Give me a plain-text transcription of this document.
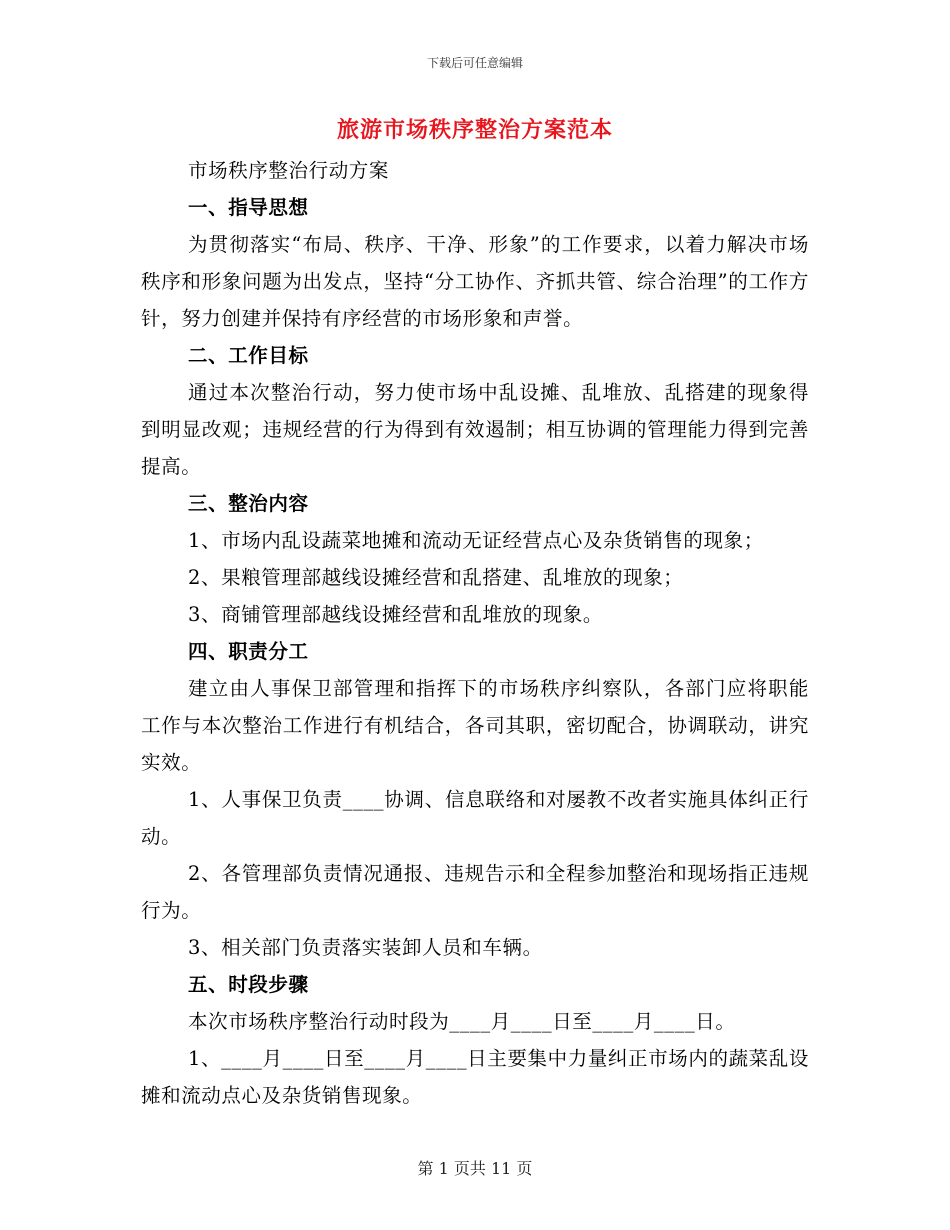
下载后可任意编辑
旅游市场秩序整治方案范本

市场秩序整治行动方案

一、指导思想

为贯彻落实“布局、秩序、干净、形象”的工作要求，以着力解决市场秩序和形象问题为出发点，坚持“分工协作、齐抓共管、综合治理”的工作方针，努力创建并保持有序经营的市场形象和声誉。

二、工作目标

通过本次整治行动，努力使市场中乱设摊、乱堆放、乱搭建的现象得到明显改观；违规经营的行为得到有效遏制；相互协调的管理能力得到完善提高。

三、整治内容

1、市场内乱设蔬菜地摊和流动无证经营点心及杂货销售的现象；

2、果粮管理部越线设摊经营和乱搭建、乱堆放的现象；

3、商铺管理部越线设摊经营和乱堆放的现象。

四、职责分工

建立由人事保卫部管理和指挥下的市场秩序纠察队，各部门应将职能工作与本次整治工作进行有机结合，各司其职，密切配合，协调联动，讲究实效。

1、人事保卫负责____协调、信息联络和对屡教不改者实施具体纠正行动。

2、各管理部负责情况通报、违规告示和全程参加整治和现场指正违规行为。

3、相关部门负责落实装卸人员和车辆。

五、时段步骤

本次市场秩序整治行动时段为____月____日至____月____日。

1、____月____日至____月____日主要集中力量纠正市场内的蔬菜乱设摊和流动点心及杂货销售现象。

第 1 页共 11 页
